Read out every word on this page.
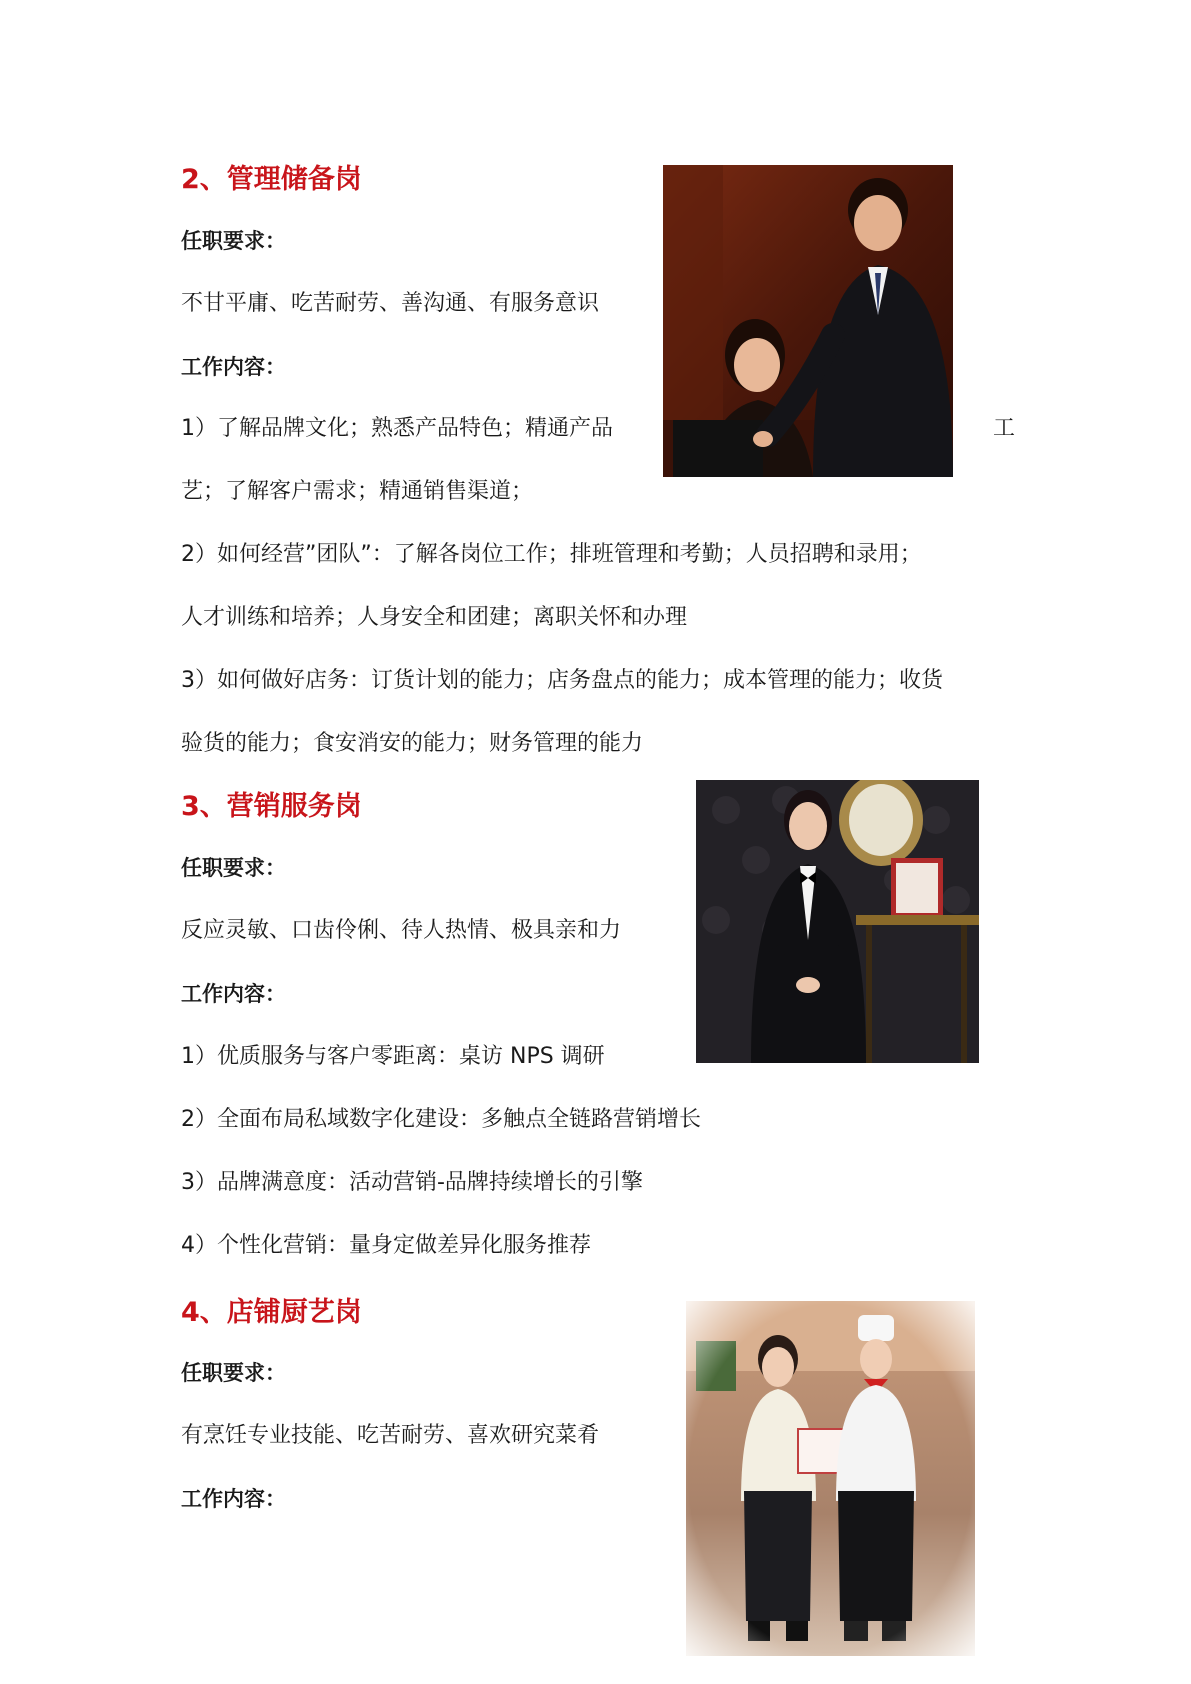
2、管理储备岗
任职要求：
不甘平庸、吃苦耐劳、善沟通、有服务意识
工作内容：
1）了解品牌文化；熟悉产品特色；精通产品	工
艺；了解客户需求；精通销售渠道；
2）如何经营”团队”：了解各岗位工作；排班管理和考勤；人员招聘和录用；
人才训练和培养；人身安全和团建；离职关怀和办理
3）如何做好店务：订货计划的能力；店务盘点的能力；成本管理的能力；收货
验货的能力；食安消安的能力；财务管理的能力
3、营销服务岗
任职要求：
反应灵敏、口齿伶俐、待人热情、极具亲和力
工作内容：
1）优质服务与客户零距离：桌访 NPS 调研
2）全面布局私域数字化建设：多触点全链路营销增长
3）品牌满意度：活动营销-品牌持续增长的引擎
4）个性化营销：量身定做差异化服务推荐
4、店铺厨艺岗
任职要求：
有烹饪专业技能、吃苦耐劳、喜欢研究菜肴
工作内容：
